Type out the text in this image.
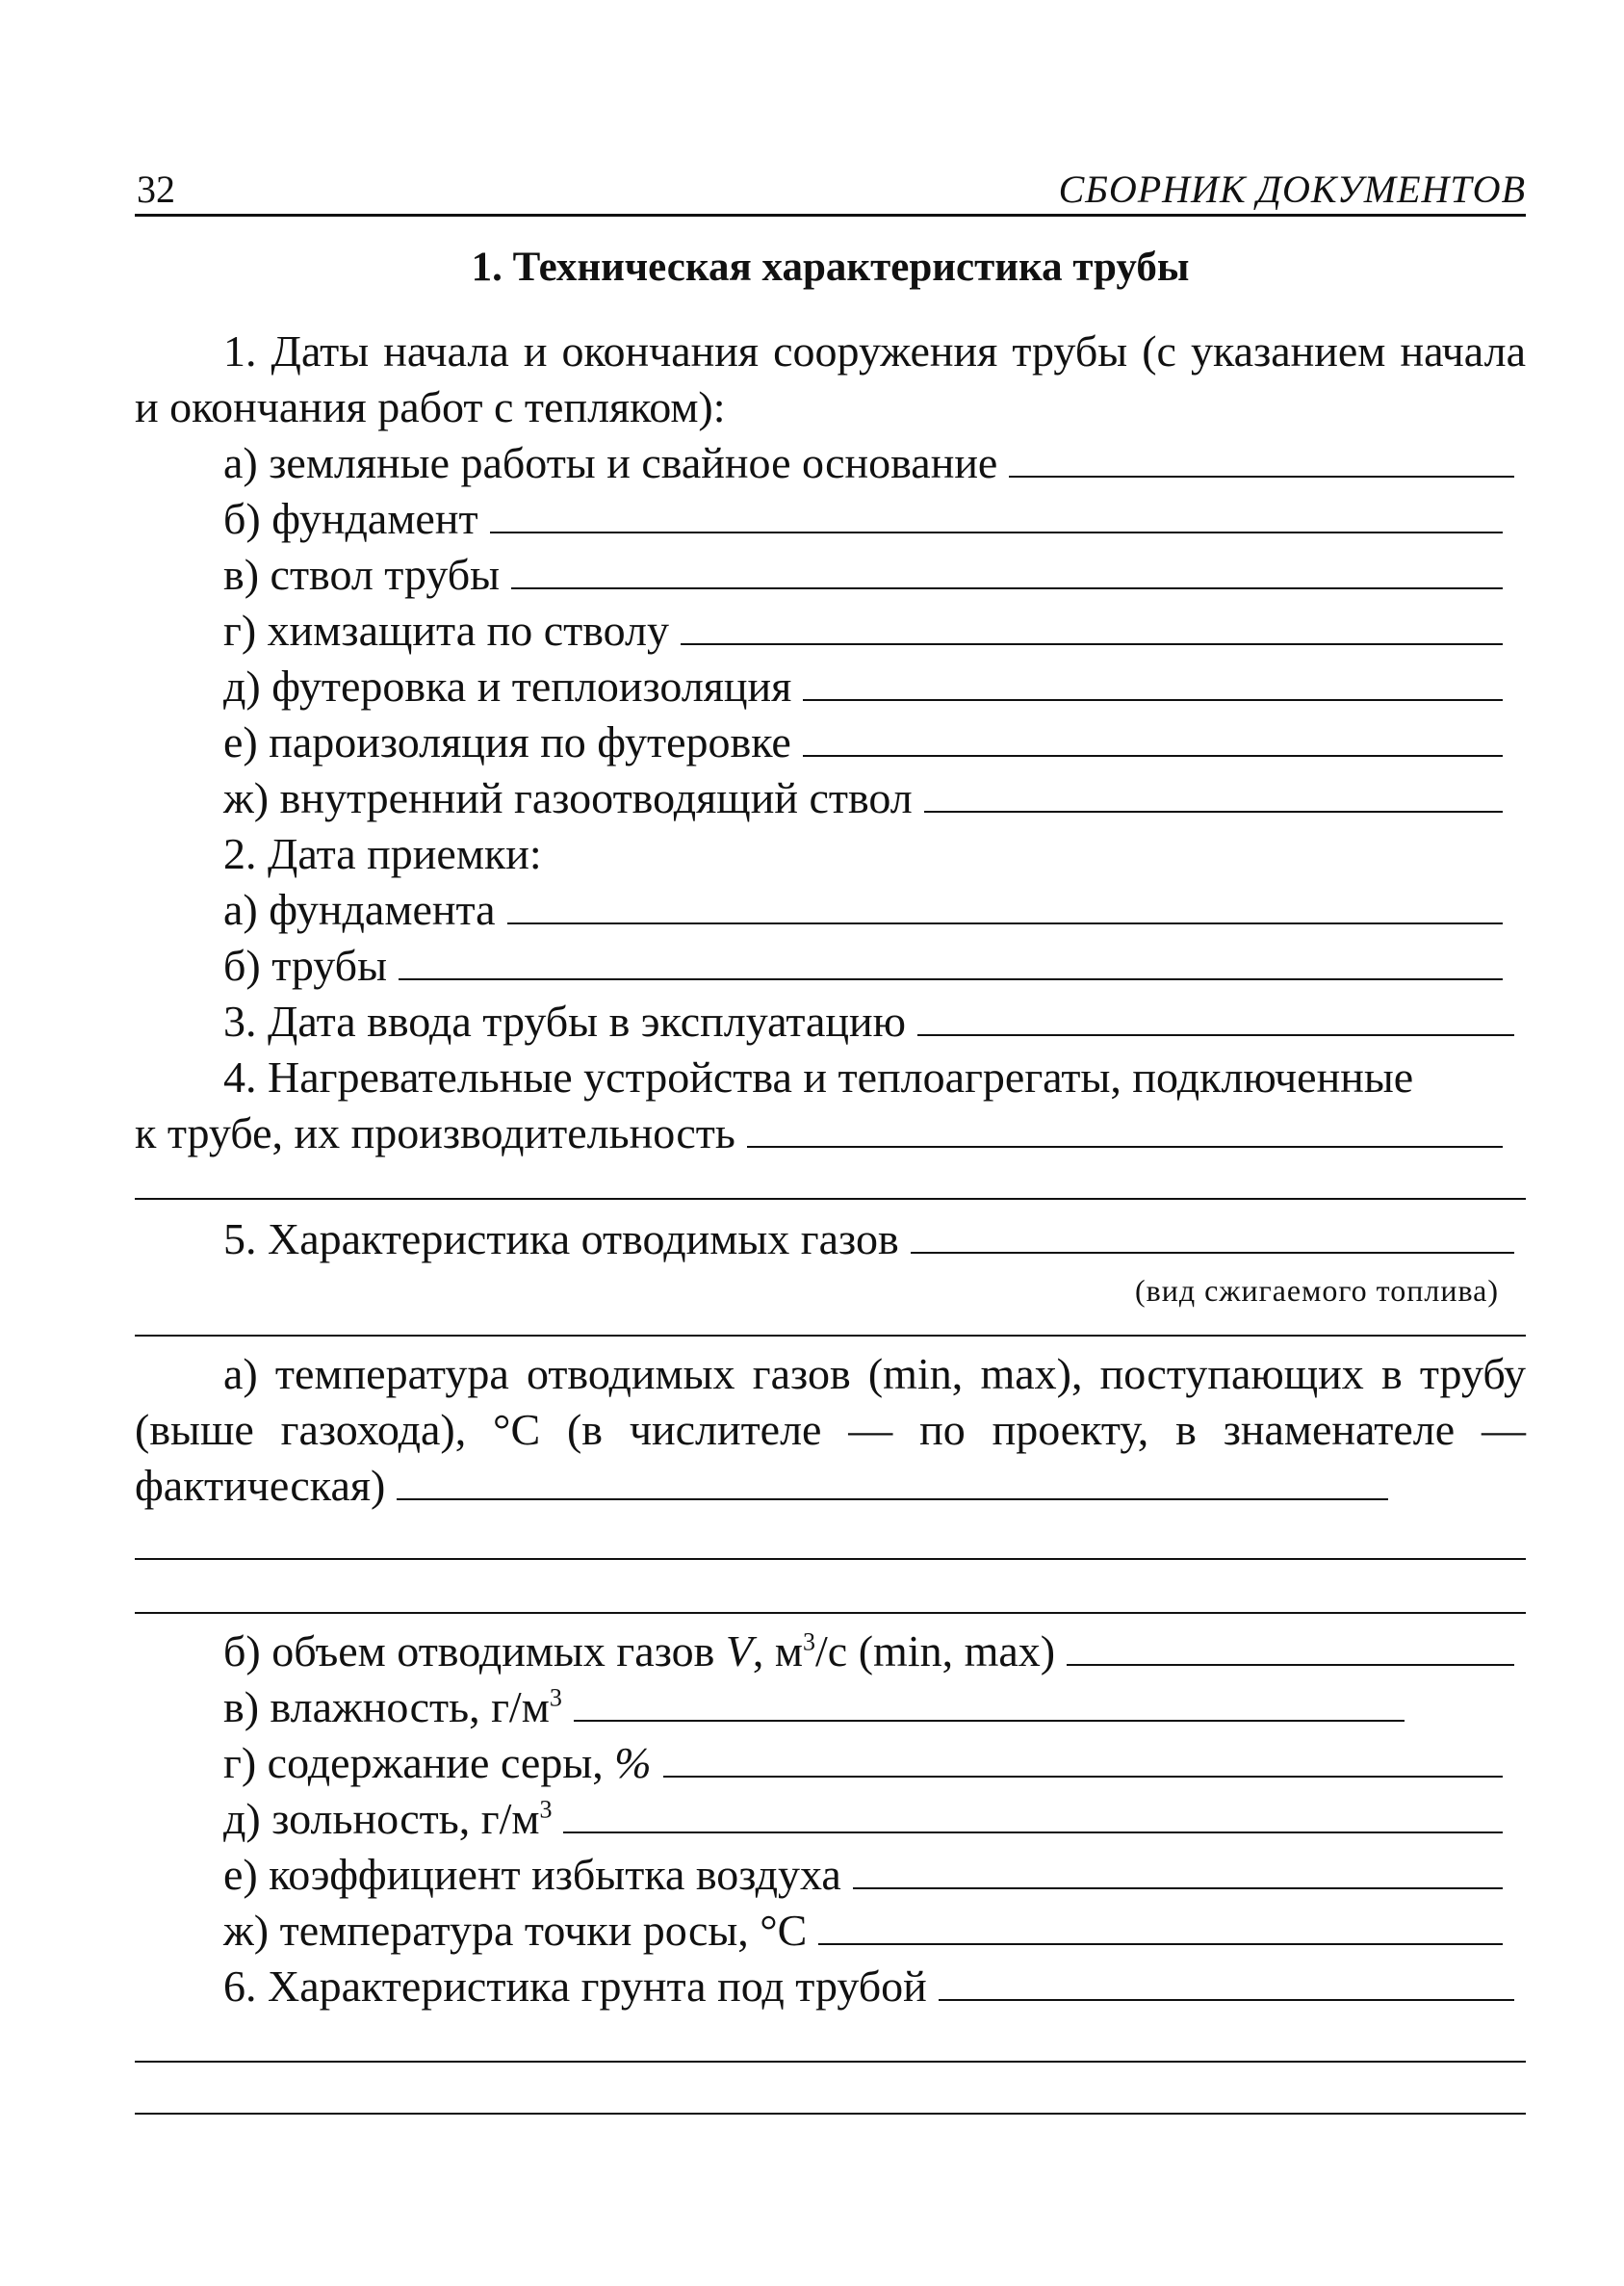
32	СБОРНИК ДОКУМЕНТОВ
1. Техническая характеристика трубы
1. Даты начала и окончания сооружения трубы (с указанием начала и окончания работ с тепляком):
а) земляные работы и свайное основание
б) фундамент
в) ствол трубы
г) химзащита по стволу
д) футеровка и теплоизоляция
е) пароизоляция по футеровке
ж) внутренний газоотводящий ствол
2. Дата приемки:
а) фундамента
б) трубы
3. Дата ввода трубы в эксплуатацию
4. Нагревательные устройства и теплоагрегаты, подключенные
к трубе, их производительность
5. Характеристика отводимых газов
(вид сжигаемого топлива)
а) температура отводимых газов (min, max), поступающих в трубу (выше газохода), °С (в числителе — по проекту, в знаменателе — фактическая)
б) объем отводимых газов V, $м^3/с$ (min, max)
в) влажность, $г/м^3$
г) содержание серы, %
д) зольность, $г/м^3$
е) коэффициент избытка воздуха
ж) температура точки росы, °С
6. Характеристика грунта под трубой
